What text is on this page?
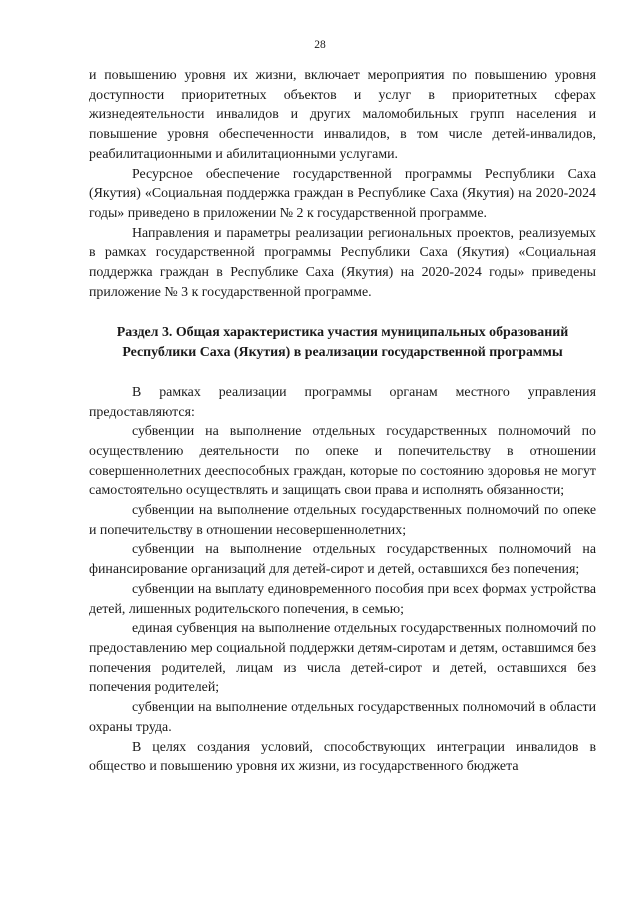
28

и повышению уровня их жизни, включает мероприятия по повышению уровня доступности приоритетных объектов и услуг в приоритетных сферах жизнедеятельности инвалидов и других маломобильных групп населения и повышение уровня обеспеченности инвалидов, в том числе детей-инвалидов, реабилитационными и абилитационными услугами.

Ресурсное обеспечение государственной программы Республики Саха (Якутия) «Социальная поддержка граждан в Республике Саха (Якутия) на 2020-2024 годы» приведено в приложении № 2 к государственной программе.

Направления и параметры реализации региональных проектов, реализуемых в рамках государственной программы Республики Саха (Якутия) «Социальная поддержка граждан в Республике Саха (Якутия) на 2020-2024 годы» приведены приложение № 3 к государственной программе.

Раздел 3. Общая характеристика участия муниципальных образований Республики Саха (Якутия) в реализации государственной программы

В рамках реализации программы органам местного управления предоставляются:

субвенции на выполнение отдельных государственных полномочий по осуществлению деятельности по опеке и попечительству в отношении совершеннолетних дееспособных граждан, которые по состоянию здоровья не могут самостоятельно осуществлять и защищать свои права и исполнять обязанности;

субвенции на выполнение отдельных государственных полномочий по опеке и попечительству в отношении несовершеннолетних;

субвенции на выполнение отдельных государственных полномочий на финансирование организаций для детей-сирот и детей, оставшихся без попечения;

субвенции на выплату единовременного пособия при всех формах устройства детей, лишенных родительского попечения, в семью;

единая субвенция на выполнение отдельных государственных полномочий по предоставлению мер социальной поддержки детям-сиротам и детям, оставшимся без попечения родителей, лицам из числа детей-сирот и детей, оставшихся без попечения родителей;

субвенции на выполнение отдельных государственных полномочий в области охраны труда.

В целях создания условий, способствующих интеграции инвалидов в общество и повышению уровня их жизни, из государственного бюджета
